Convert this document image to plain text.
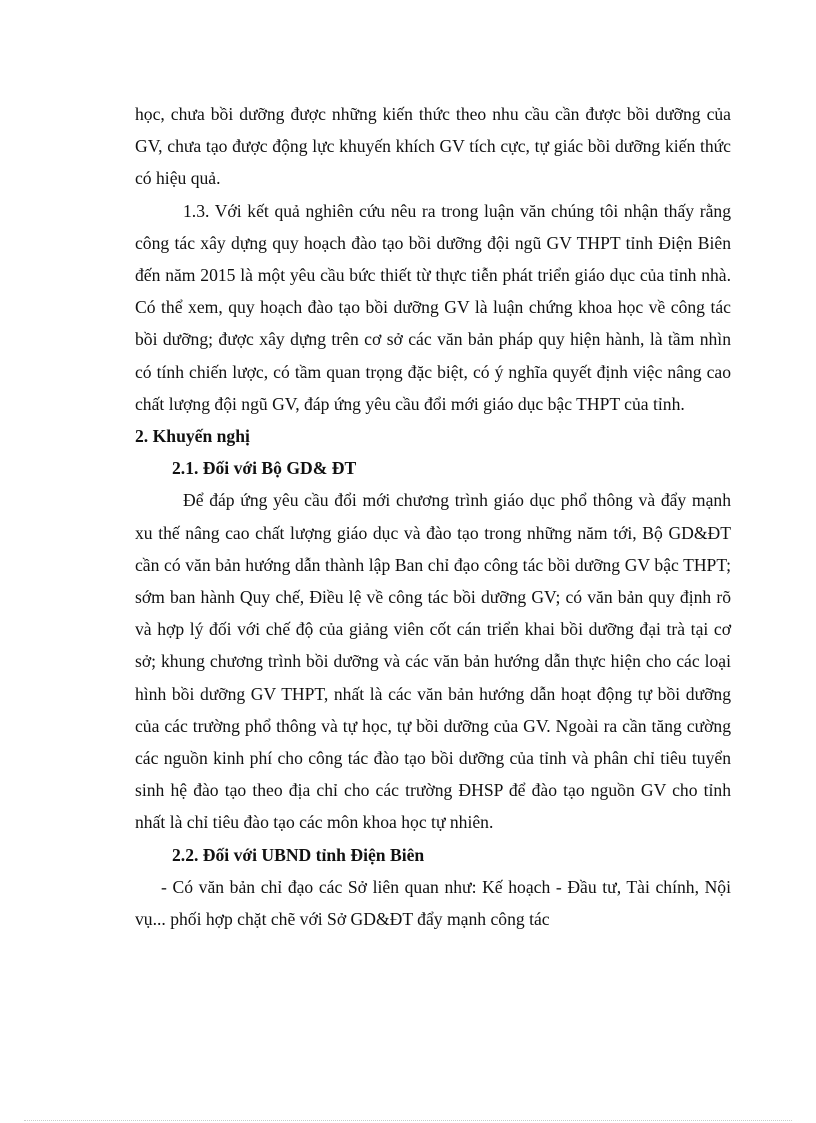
học, chưa bồi dưỡng được những kiến thức theo nhu cầu cần được bồi dưỡng của GV, chưa tạo được động lực khuyến khích GV tích cực, tự giác bồi dưỡng kiến thức có hiệu quả.

1.3. Với kết quả nghiên cứu nêu ra trong luận văn chúng tôi nhận thấy rằng công tác xây dựng quy hoạch đào tạo bồi dưỡng đội ngũ GV THPT tỉnh Điện Biên đến năm 2015 là một yêu cầu bức thiết từ thực tiễn phát triển giáo dục của tỉnh nhà. Có thể xem, quy hoạch đào tạo bồi dưỡng GV là luận chứng khoa học về công tác bồi dưỡng; được xây dựng trên cơ sở các văn bản pháp quy hiện hành, là tầm nhìn có tính chiến lược, có tầm quan trọng đặc biệt, có ý nghĩa quyết định việc nâng cao chất lượng đội ngũ GV, đáp ứng yêu cầu đổi mới giáo dục bậc THPT của tỉnh.

2. Khuyến nghị

2.1. Đối với Bộ GD& ĐT

Để đáp ứng yêu cầu đổi mới chương trình giáo dục phổ thông và đẩy mạnh xu thế nâng cao chất lượng giáo dục và đào tạo trong những năm tới, Bộ GD&ĐT cần có văn bản hướng dẫn thành lập Ban chỉ đạo công tác bồi dưỡng GV bậc THPT; sớm ban hành Quy chế, Điều lệ về công tác bồi dưỡng GV; có văn bản quy định rõ và hợp lý đối với chế độ của giảng viên cốt cán triển khai bồi dưỡng đại trà tại cơ sở; khung chương trình bồi dưỡng và các văn bản hướng dẫn thực hiện cho các loại hình bồi dưỡng GV THPT, nhất là các văn bản hướng dẫn hoạt động tự bồi dưỡng của các trường phổ thông và tự học, tự bồi dưỡng của GV. Ngoài ra cần tăng cường các nguồn kinh phí cho công tác đào tạo bồi dưỡng của tỉnh và phân chỉ tiêu tuyển sinh hệ đào tạo theo địa chỉ cho các trường ĐHSP để đào tạo nguồn GV cho tỉnh nhất là chỉ tiêu đào tạo các môn khoa học tự nhiên.

2.2. Đối với UBND tỉnh Điện Biên

- Có văn bản chỉ đạo các Sở liên quan như: Kế hoạch - Đầu tư, Tài chính, Nội vụ... phối hợp chặt chẽ với Sở GD&ĐT đẩy mạnh công tác
